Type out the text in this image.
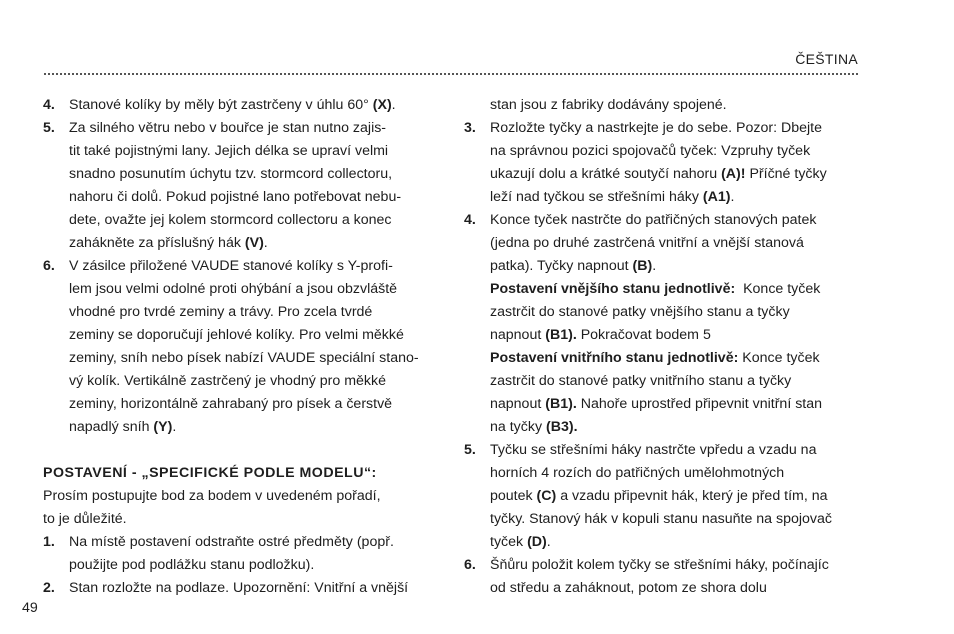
ČEŠTINA
4. Stanové kolíky by měly být zastrčeny v úhlu 60° (X).
5. Za silného větru nebo v bouřce je stan nutno zajis-
tit také pojistnými lany. Jejich délka se upraví velmi
snadno posunutím úchytu tzv. stormcord collectoru,
nahoru či dolů. Pokud pojistné lano potřebovat nebu-
dete, ovažte jej kolem stormcord collectoru a konec
zahákněte za příslušný hák (V).
6. V zásilce přiložené VAUDE stanové kolíky s Y-profi-
lem jsou velmi odolné proti ohýbání a jsou obzvláště
vhodné pro tvrdé zeminy a trávy. Pro zcela tvrdé
zeminy se doporučují jehlové kolíky. Pro velmi měkké
zeminy, sníh nebo písek nabízí VAUDE speciální stano-
vý kolík. Vertikálně zastrčený je vhodný pro měkké
zeminy, horizontálně zahrabaný pro písek a čerstvě
napadlý sníh (Y).
POSTAVENÍ - „SPECIFICKÉ PODLE MODELU“:
Prosím postupujte bod za bodem v uvedeném pořadí,
to je důležité.
1. Na místě postavení odstraňte ostré předměty (popř.
použijte pod podlážku stanu podložku).
2. Stan rozložte na podlaze. Upozornění: Vnitřní a vnější
stan jsou z fabriky dodávány spojené.
3. Rozložte tyčky a nastrkejte je do sebe. Pozor: Dbejte
na správnou pozici spojovačů tyček: Vzpruhy tyček
ukazují dolu a krátké soutyčí nahoru (A)! Příčné tyčky
leží nad tyčkou se střešními háky (A1).
4. Konce tyček nastrčte do patřičných stanových patek
(jedna po druhé zastrčená vnitřní a vnější stanová
patka). Tyčky napnout (B).
Postavení vnějšího stanu jednotlivě:  Konce tyček
zastrčit do stanové patky vnějšího stanu a tyčky
napnout (B1). Pokračovat bodem 5
Postavení vnitřního stanu jednotlivě: Konce tyček
zastrčit do stanové patky vnitřního stanu a tyčky
napnout (B1). Nahoře uprostřed připevnit vnitřní stan
na tyčky (B3).
5. Tyčku se střešními háky nastrčte vpředu a vzadu na
horních 4 rozích do patřičných umělohmotných
poutek (C) a vzadu připevnit hák, který je před tím, na
tyčky. Stanový hák v kopuli stanu nasuňte na spojovač
tyček (D).
6. Šňůru položit kolem tyčky se střešními háky, počínajíc
od středu a zaháknout, potom ze shora dolu
49
